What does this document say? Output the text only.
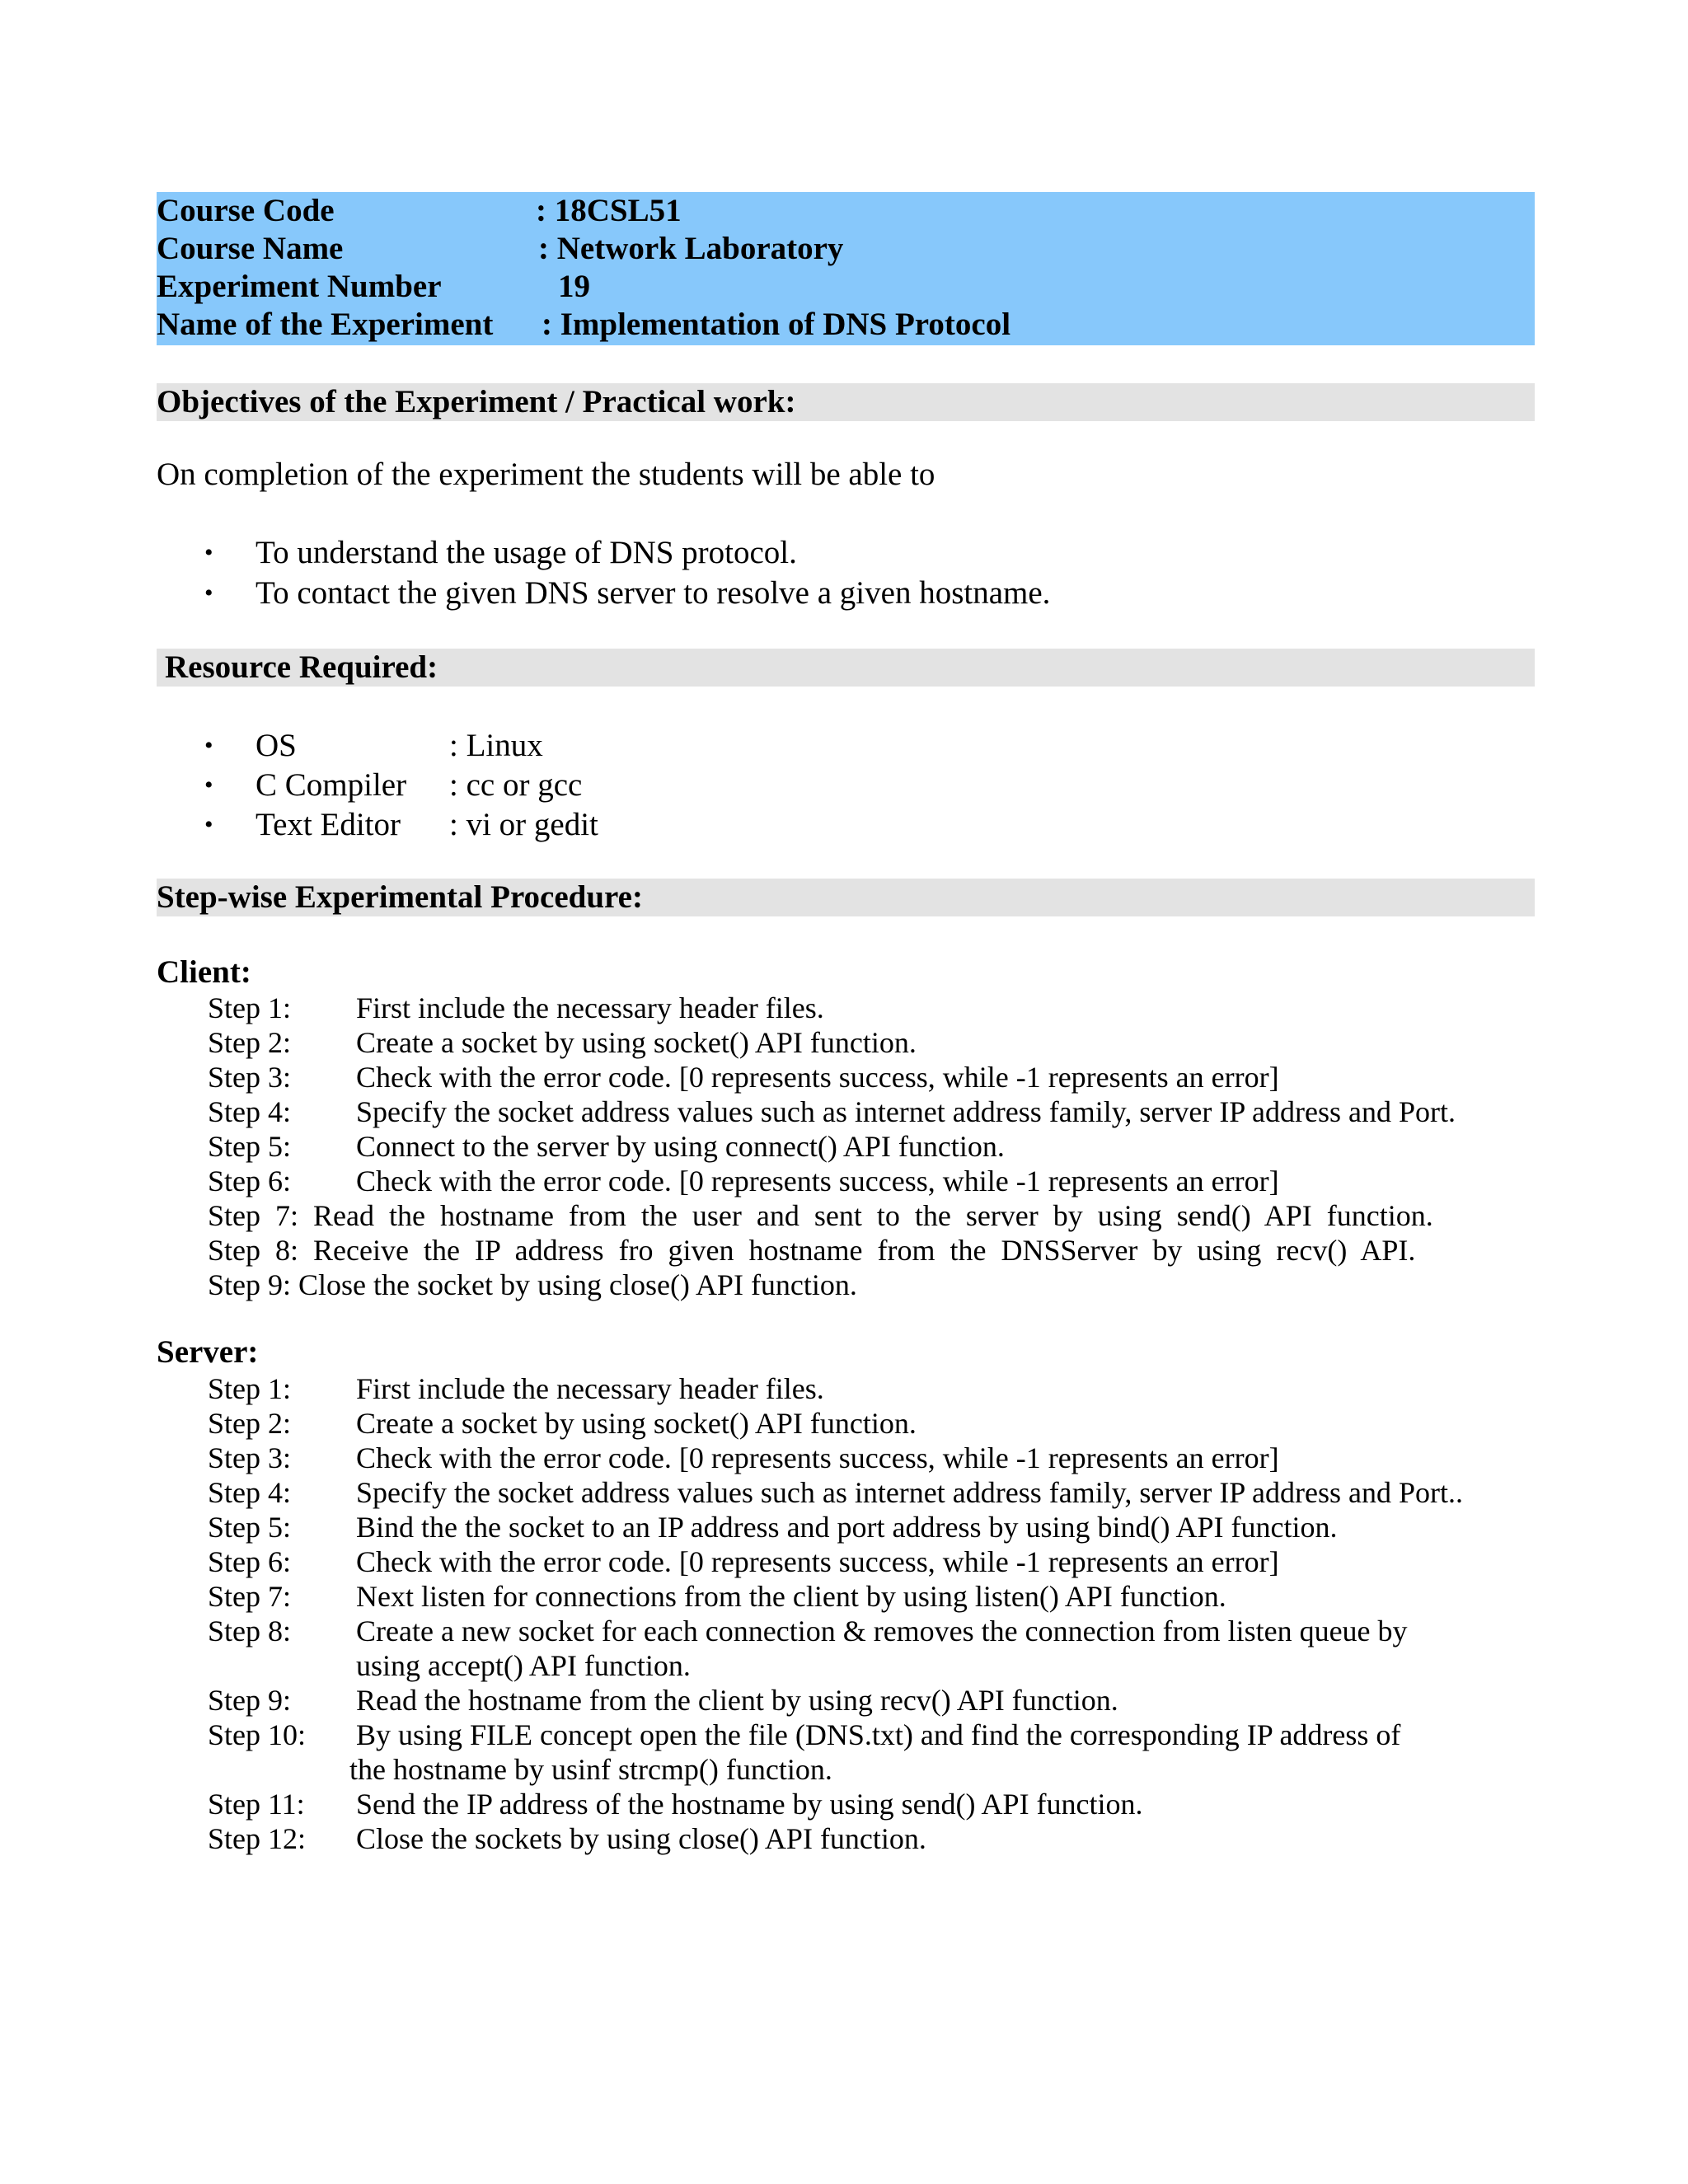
Course Code	: 18CSL51
Course Name	: Network Laboratory
Experiment Number	19
Name of the Experiment : Implementation of DNS Protocol
Objectives of the Experiment / Practical work:
On completion of the experiment the students will be able to
• To understand the usage of DNS protocol.
• To contact the given DNS server to resolve a given hostname.
Resource Required:
• OS	: Linux
• C Compiler : cc or gcc
• Text Editor : vi or gedit
Step-wise Experimental Procedure:
Client:
Step 1: First include the necessary header files.
Step 2: Create a socket by using socket() API function.
Step 3: Check with the error code. [0 represents success, while -1 represents an error]
Step 4: Specify the socket address values such as internet address family, server IP address and Port.
Step 5: Connect to the server by using connect() API function.
Step 6: Check with the error code. [0 represents success, while -1 represents an error]
Step 7: Read the hostname from the user and sent to the server by using send() API function.
Step 8: Receive the IP address fro given hostname from the DNSServer by using recv() API.
Step 9: Close the socket by using close() API function.
Server:
Step 1: First include the necessary header files.
Step 2: Create a socket by using socket() API function.
Step 3: Check with the error code. [0 represents success, while -1 represents an error]
Step 4: Specify the socket address values such as internet address family, server IP address and Port..
Step 5: Bind the the socket to an IP address and port address by using bind() API function.
Step 6: Check with the error code. [0 represents success, while -1 represents an error]
Step 7: Next listen for connections from the client by using listen() API function.
Step 8: Create a new socket for each connection & removes the connection from listen queue by
using accept() API function.
Step 9: Read the hostname from the client by using recv() API function.
Step 10: By using FILE concept open the file (DNS.txt) and find the corresponding IP address of
the hostname by usinf strcmp() function.
Step 11: Send the IP address of the hostname by using send() API function.
Step 12: Close the sockets by using close() API function.
